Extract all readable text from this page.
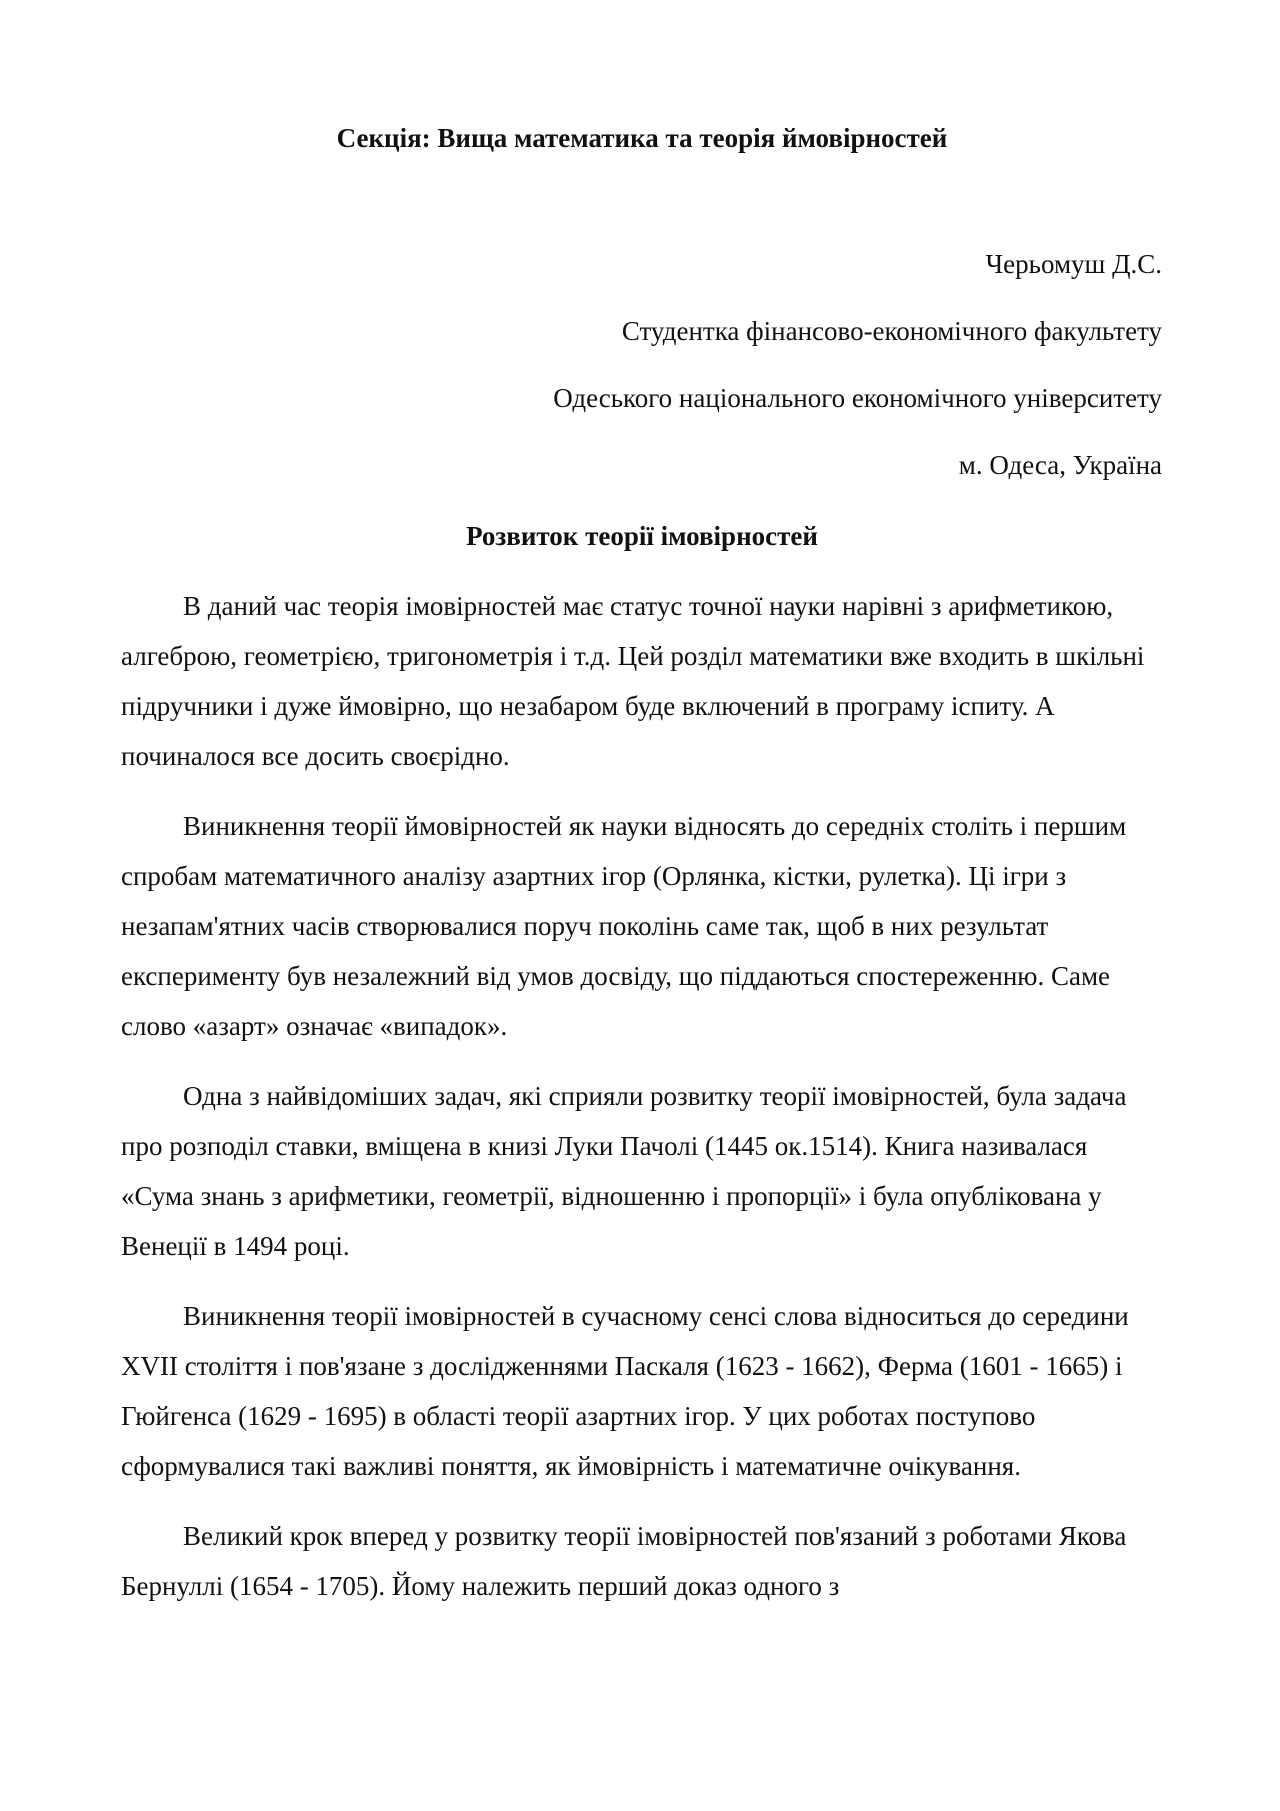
Секція: Вища математика та теорія ймовірностей

Черьомуш Д.С.

Студентка фінансово-економічного факультету

Одеського національного економічного університету

м. Одеса, Україна

Розвиток теорії імовірностей

В даний час теорія імовірностей має статус точної науки нарівні з арифметикою, алгеброю, геометрією, тригонометрія і т.д. Цей розділ математики вже входить в шкільні підручники і дуже ймовірно, що незабаром буде включений в програму іспиту. А починалося все досить своєрідно.

Виникнення теорії ймовірностей як науки відносять до середніх століть і першим спробам математичного аналізу азартних ігор (Орлянка, кістки, рулетка). Ці ігри з незапам'ятних часів створювалися поруч поколінь саме так, щоб в них результат експерименту був незалежний від умов досвіду, що піддаються спостереженню. Саме слово «азарт» означає «випадок».

Одна з найвідоміших задач, які сприяли розвитку теорії імовірностей, була задача про розподіл ставки, вміщена в книзі Луки Пачолі (1445 ок.1514). Книга називалася «Сума знань з арифметики, геометрії, відношенню і пропорції» і була опублікована у Венеції в 1494 році.

Виникнення теорії імовірностей в сучасному сенсі слова відноситься до середини XVII століття і пов'язане з дослідженнями Паскаля (1623 - 1662), Ферма (1601 - 1665) і Гюйгенса (1629 - 1695) в області теорії азартних ігор. У цих роботах поступово сформувалися такі важливі поняття, як ймовірність і математичне очікування.

Великий крок вперед у розвитку теорії імовірностей пов'язаний з роботами Якова Бернуллі (1654 - 1705). Йому належить перший доказ одного з
